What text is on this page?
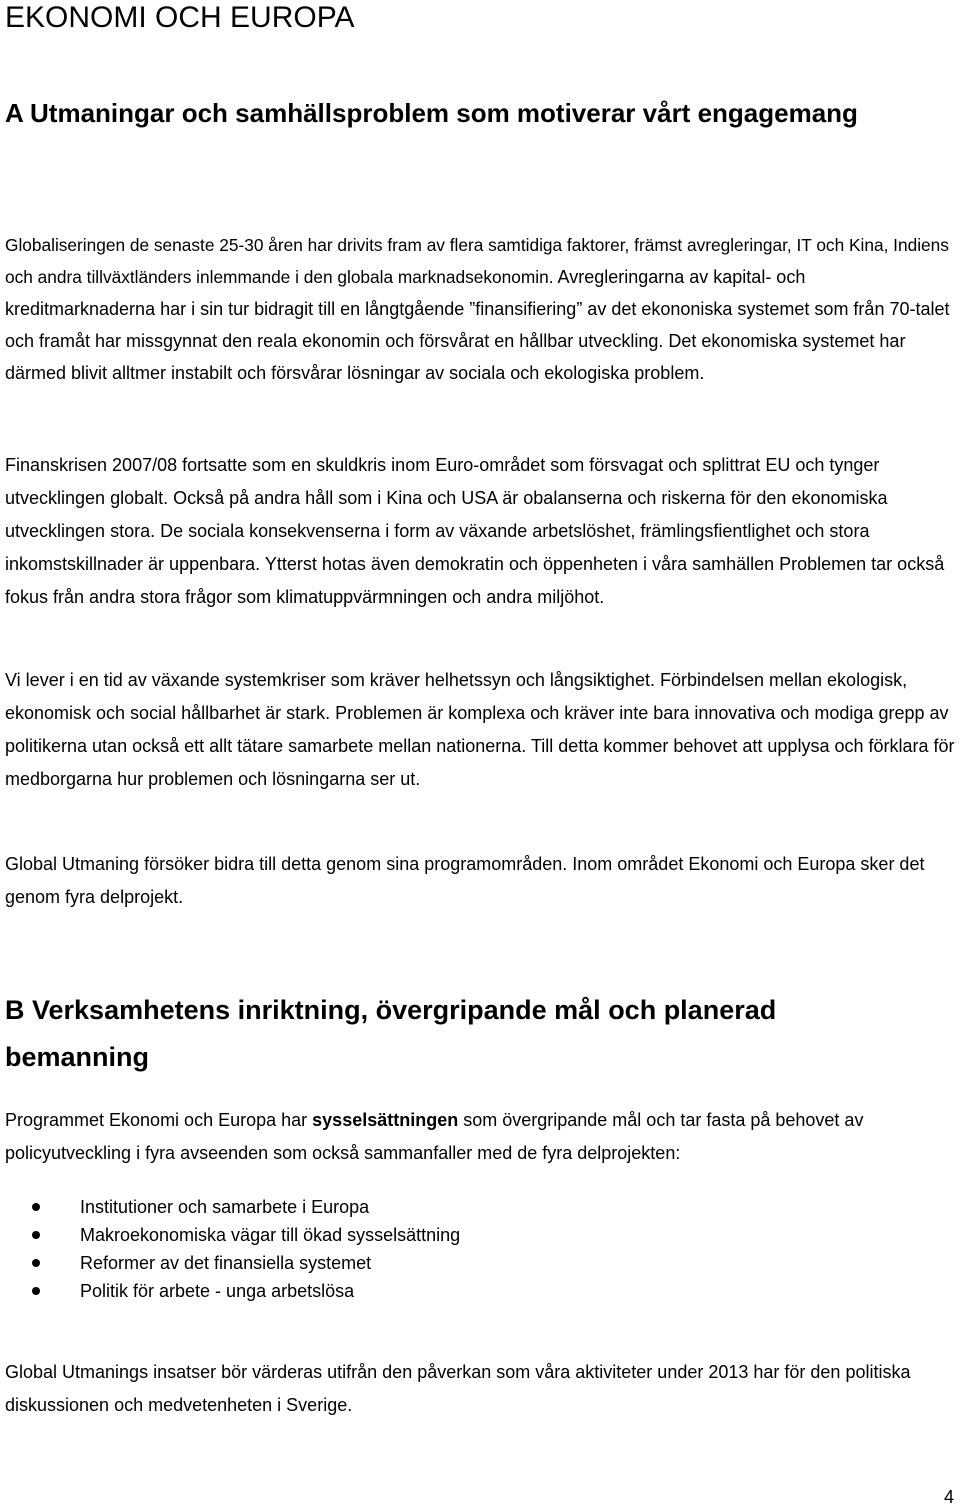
EKONOMI OCH EUROPA
A Utmaningar och samhällsproblem som motiverar vårt engagemang

Globaliseringen de senaste 25-30 åren har drivits fram av flera samtidiga faktorer, främst avregleringar, IT och Kina, Indiens och andra tillväxtländers inlemmande i den globala marknadsekonomin. Avregleringarna av kapital- och kreditmarknaderna har i sin tur bidragit till en långtgående ”finansifiering” av det ekononiska systemet som från 70-talet och framåt har missgynnat den reala ekonomin och försvårat en hållbar utveckling. Det ekonomiska systemet har därmed blivit alltmer instabilt och försvårar lösningar av sociala och ekologiska problem.

Finanskrisen 2007/08 fortsatte som en skuldkris inom Euro-området som försvagat och splittrat EU och tynger utvecklingen globalt. Också på andra håll som i Kina och USA är obalanserna och riskerna för den ekonomiska utvecklingen stora. De sociala konsekvenserna i form av växande arbetslöshet, främlingsfientlighet och stora inkomstskillnader är uppenbara. Ytterst hotas även demokratin och öppenheten i våra samhällen Problemen tar också fokus från andra stora frågor som klimatuppvärmningen och andra miljöhot.

Vi lever i en tid av växande systemkriser som kräver helhetssyn och långsiktighet. Förbindelsen mellan ekologisk, ekonomisk och social hållbarhet är stark. Problemen är komplexa och kräver inte bara innovativa och modiga grepp av politikerna utan också ett allt tätare samarbete mellan nationerna. Till detta kommer behovet att upplysa och förklara för medborgarna hur problemen och lösningarna ser ut.

Global Utmaning försöker bidra till detta genom sina programområden. Inom området Ekonomi och Europa sker det genom fyra delprojekt.

B Verksamhetens inriktning, övergripande mål och planerad bemanning

Programmet Ekonomi och Europa har sysselsättningen som övergripande mål och tar fasta på behovet av policyutveckling i fyra avseenden som också sammanfaller med de fyra delprojekten:

Institutioner och samarbete i Europa
Makroekonomiska vägar till ökad sysselsättning
Reformer av det finansiella systemet
Politik för arbete - unga arbetslösa

Global Utmanings insatser bör värderas utifrån den påverkan som våra aktiviteter under 2013 har för den politiska diskussionen och medvetenheten i Sverige.

4
